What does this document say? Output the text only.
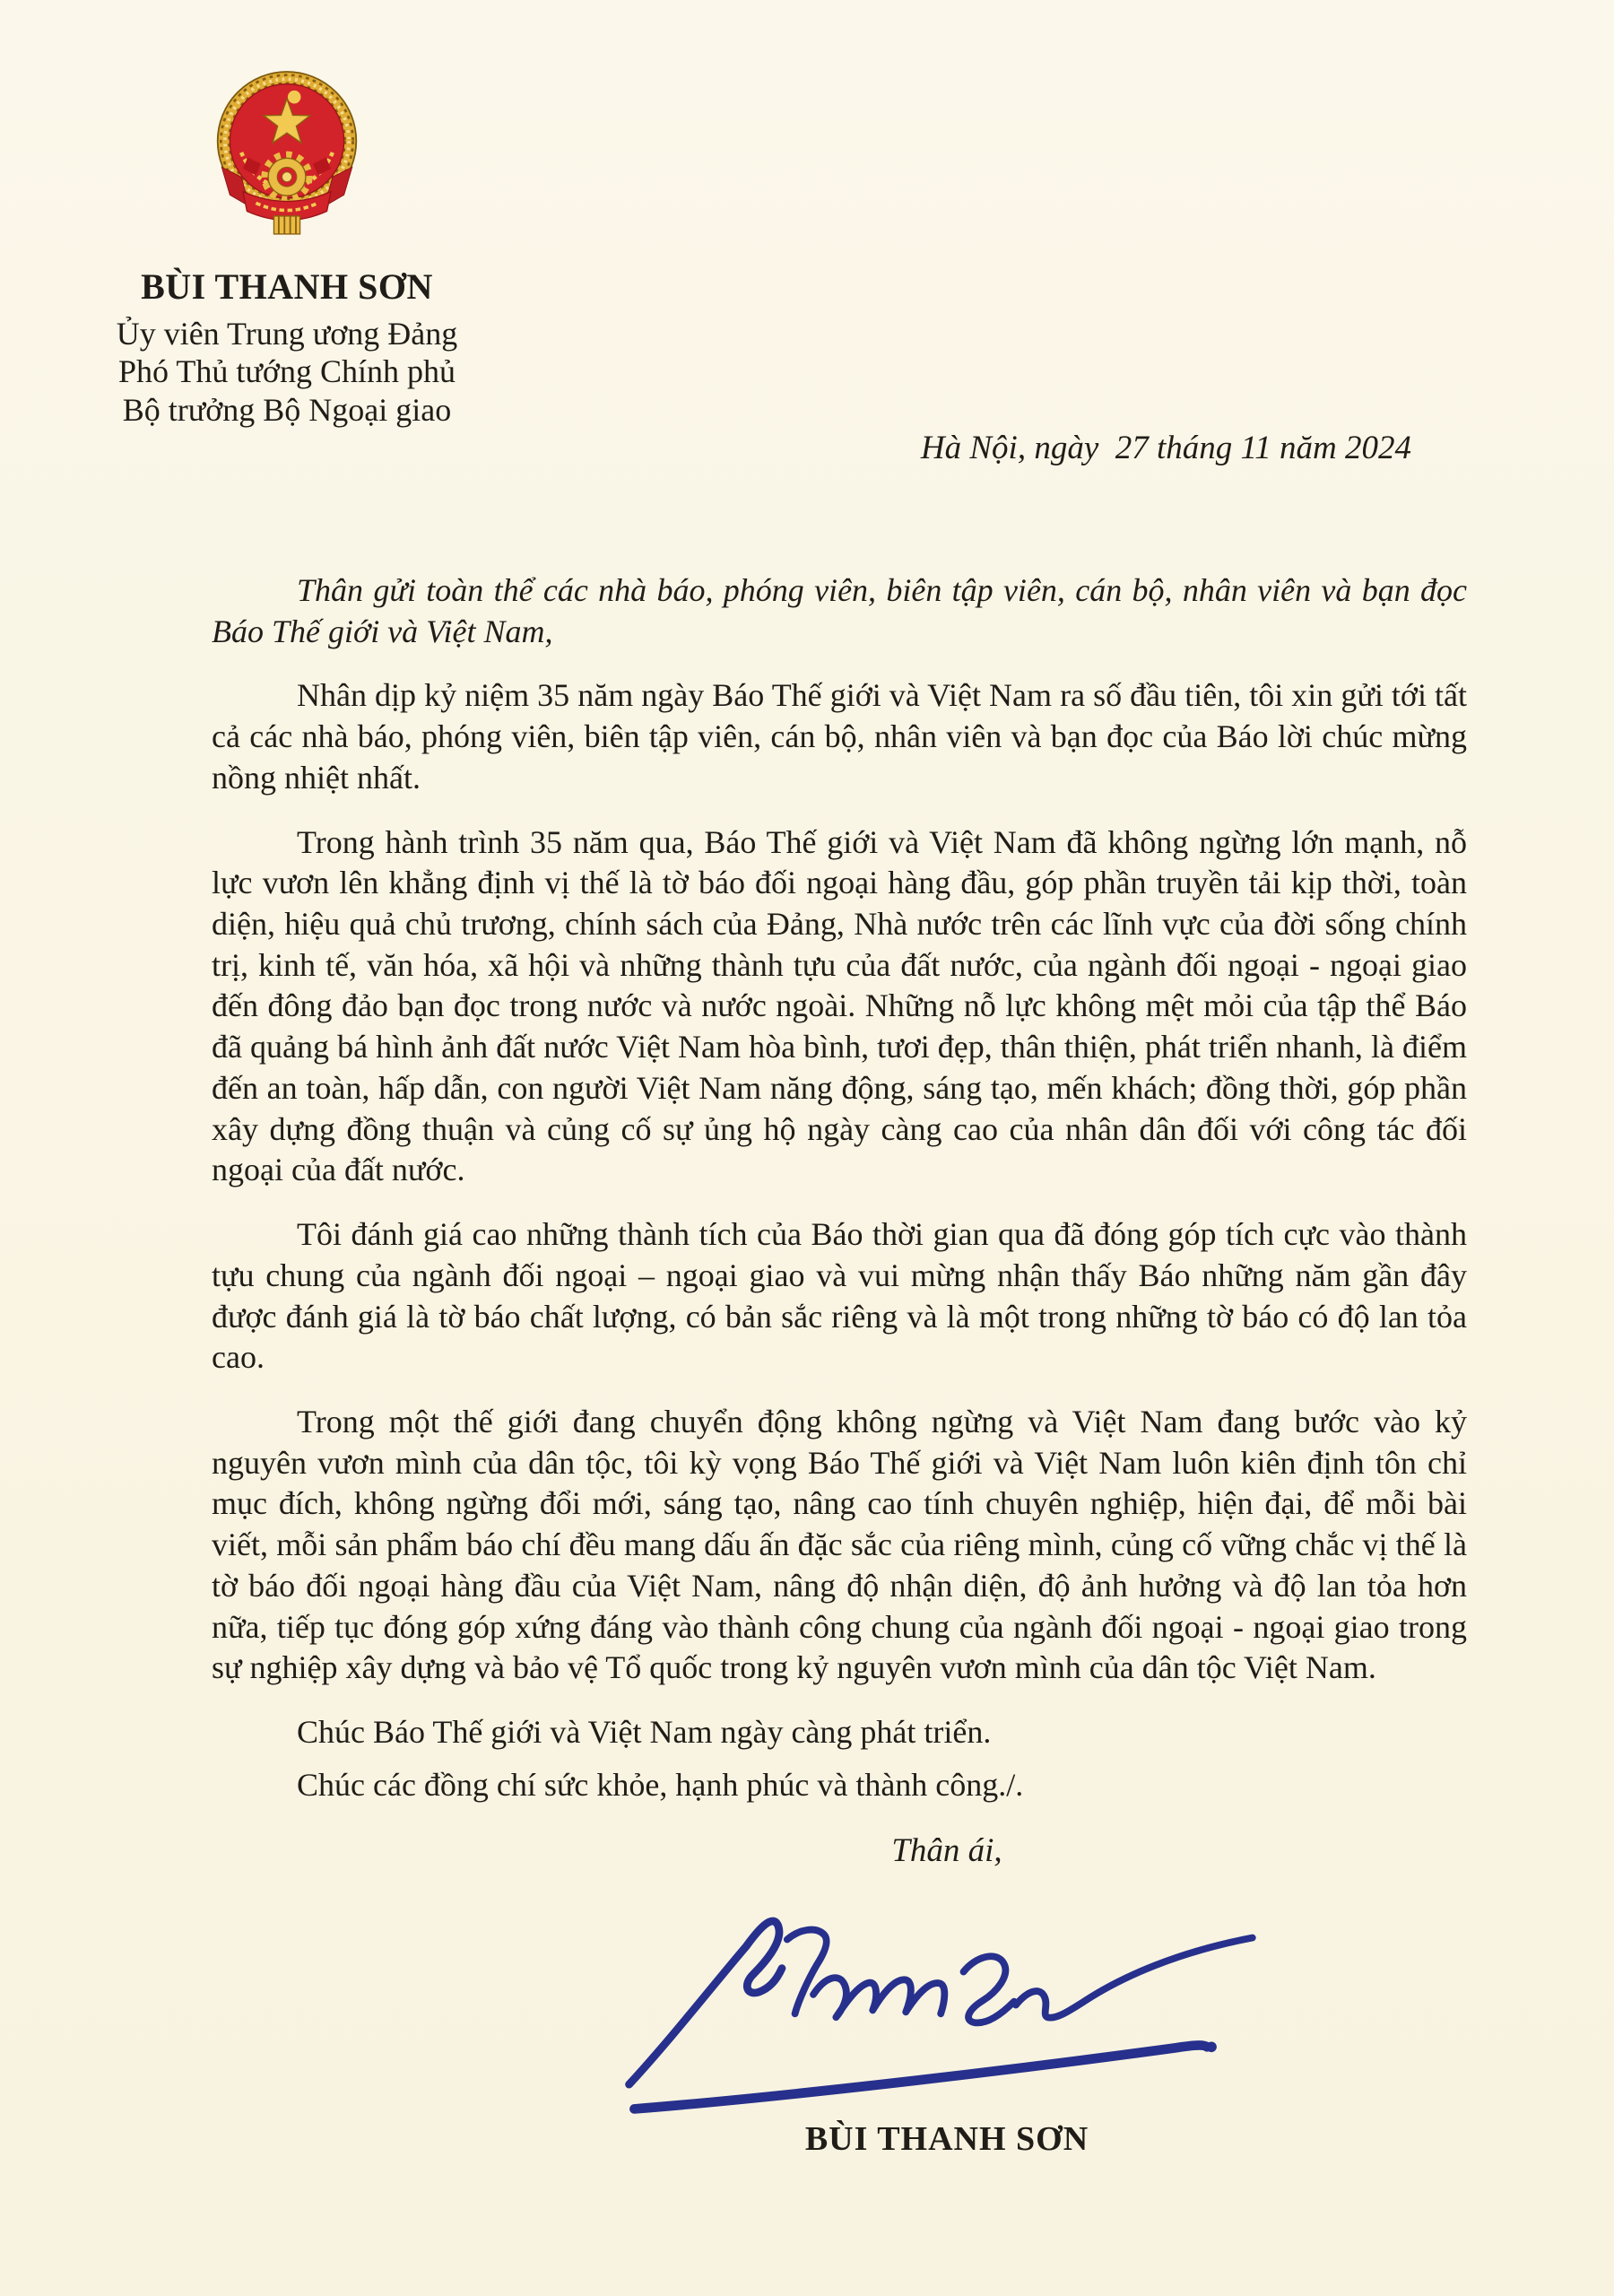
BÙI THANH SƠN
Ủy viên Trung ương Đảng
Phó Thủ tướng Chính phủ
Bộ trưởng Bộ Ngoại giao
Hà Nội, ngày  27 tháng 11 năm 2024

Thân gửi toàn thể các nhà báo, phóng viên, biên tập viên, cán bộ, nhân viên và bạn đọc Báo Thế giới và Việt Nam,

Nhân dịp kỷ niệm 35 năm ngày Báo Thế giới và Việt Nam ra số đầu tiên, tôi xin gửi tới tất cả các nhà báo, phóng viên, biên tập viên, cán bộ, nhân viên và bạn đọc của Báo lời chúc mừng nồng nhiệt nhất.

Trong hành trình 35 năm qua, Báo Thế giới và Việt Nam đã không ngừng lớn mạnh, nỗ lực vươn lên khẳng định vị thế là tờ báo đối ngoại hàng đầu, góp phần truyền tải kịp thời, toàn diện, hiệu quả chủ trương, chính sách của Đảng, Nhà nước trên các lĩnh vực của đời sống chính trị, kinh tế, văn hóa, xã hội và những thành tựu của đất nước, của ngành đối ngoại - ngoại giao đến đông đảo bạn đọc trong nước và nước ngoài. Những nỗ lực không mệt mỏi của tập thể Báo đã quảng bá hình ảnh đất nước Việt Nam hòa bình, tươi đẹp, thân thiện, phát triển nhanh, là điểm đến an toàn, hấp dẫn, con người Việt Nam năng động, sáng tạo, mến khách; đồng thời, góp phần xây dựng đồng thuận và củng cố sự ủng hộ ngày càng cao của nhân dân đối với công tác đối ngoại của đất nước.

Tôi đánh giá cao những thành tích của Báo thời gian qua đã đóng góp tích cực vào thành tựu chung của ngành đối ngoại – ngoại giao và vui mừng nhận thấy Báo những năm gần đây được đánh giá là tờ báo chất lượng, có bản sắc riêng và là một trong những tờ báo có độ lan tỏa cao.

Trong một thế giới đang chuyển động không ngừng và Việt Nam đang bước vào kỷ nguyên vươn mình của dân tộc, tôi kỳ vọng Báo Thế giới và Việt Nam luôn kiên định tôn chỉ mục đích, không ngừng đổi mới, sáng tạo, nâng cao tính chuyên nghiệp, hiện đại, để mỗi bài viết, mỗi sản phẩm báo chí đều mang dấu ấn đặc sắc của riêng mình, củng cố vững chắc vị thế là tờ báo đối ngoại hàng đầu của Việt Nam, nâng độ nhận diện, độ ảnh hưởng và độ lan tỏa hơn nữa, tiếp tục đóng góp xứng đáng vào thành công chung của ngành đối ngoại - ngoại giao trong sự nghiệp xây dựng và bảo vệ Tổ quốc trong kỷ nguyên vươn mình của dân tộc Việt Nam.

Chúc Báo Thế giới và Việt Nam ngày càng phát triển.

Chúc các đồng chí sức khỏe, hạnh phúc và thành công./.

Thân ái,
BÙI THANH SƠN
